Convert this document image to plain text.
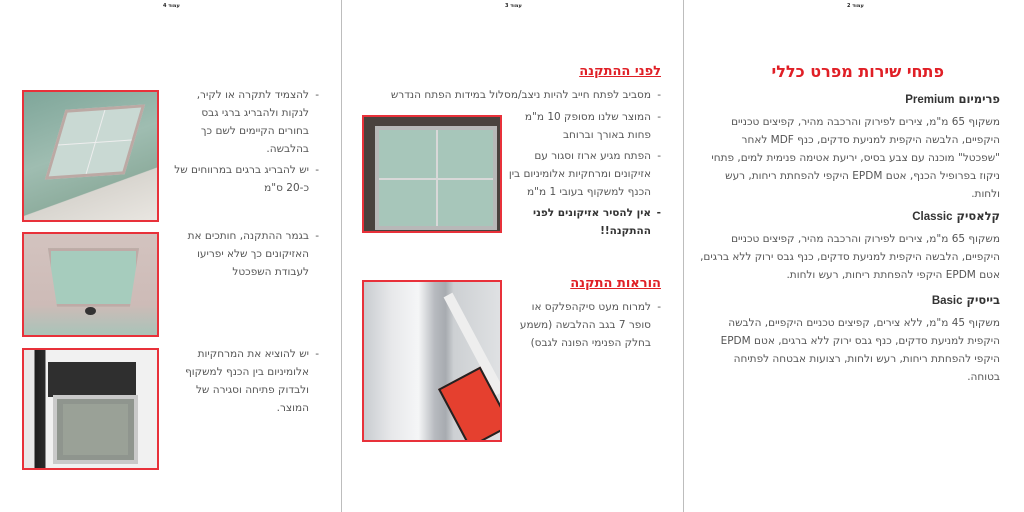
עמוד 4
- להצמיד לתקרה או לקיר, לנקות ולהבריג ברגי גבס בחורים הקיימים לשם כך בהלבשה.
- יש להבריג ברגים במרווחים של כ-20 ס"מ
- בגמר ההתקנה, חותכים את האזיקונים כך שלא יפריעו לעבודת השפכטל
- יש להוציא את המרחקיות אלומיניום בין הכנף למשקוף ולבדוק פתיחה וסגירה של המוצר.
עמוד 3
לפני ההתקנה
- מסביב לפתח חייב להיות ניצב/מסלול במידות הפתח הנדרש
- המוצר שלנו מסופק 10 מ"מ פחות באורך וברוחב
- הפתח מגיע ארוז וסגור עם אזיקונים ומרחקיות אלומיניום בין הכנף למשקוף בעובי 1 מ"מ
- אין להסיר אזיקונים לפני ההתקנה!!
הוראות התקנה
- למרוח מעט סיקהפלקס או סופר 7 בגב ההלבשה (משמע בחלק הפנימי הפונה לגבס)
עמוד 2
פתחי שירות מפרט כללי
פרימיום Premium
משקוף 65 מ"מ, צירים לפירוק והרכבה מהיר, קפיצים טכניים היקפיים, הלבשה היקפית למניעת סדקים, כנף MDF לאחר "שפכטל" מוכנה עם צבע בסיס, יריעת אטימה פנימית למים, פתחי ניקוז בפרופיל הכנף, אטם EPDM היקפי להפחתת ריחות, רעש ולחות.
קלאסיק Classic
משקוף 65 מ"מ, צירים לפירוק והרכבה מהיר, קפיצים טכניים היקפיים, הלבשה היקפית למניעת סדקים, כנף גבס ירוק ללא ברגים, אטם EPDM היקפי להפחתת ריחות, רעש ולחות.
בייסיק Basic
משקוף 45 מ"מ, ללא צירים, קפיצים טכניים היקפיים, הלבשה היקפית למניעת סדקים, כנף גבס ירוק ללא ברגים, אטם EPDM היקפי להפחתת ריחות, רעש ולחות, רצועות אבטחה לפתיחה בטוחה.
